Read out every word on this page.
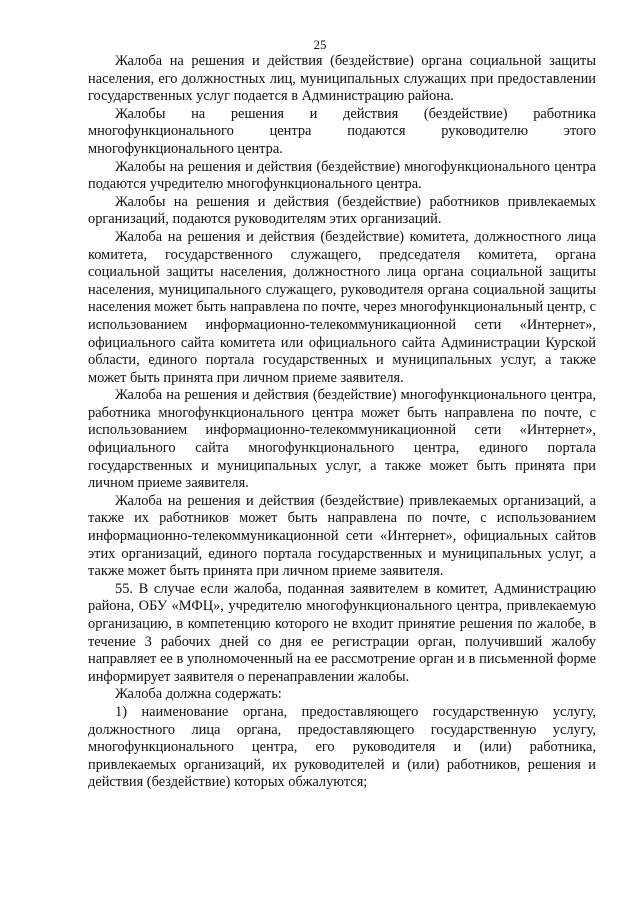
25

Жалоба на решения и действия (бездействие) органа социальной защиты населения, его должностных лиц, муниципальных служащих при предоставлении государственных услуг подается в Администрацию района.

Жалобы на решения и действия (бездействие) работника многофункционального центра подаются руководителю этого многофункционального центра.

Жалобы на решения и действия (бездействие) многофункционального центра подаются учредителю многофункционального центра.

Жалобы на решения и действия (бездействие) работников привлекаемых организаций, подаются руководителям этих организаций.

Жалоба на решения и действия (бездействие) комитета, должностного лица комитета, государственного служащего, председателя комитета, органа социальной защиты населения, должностного лица органа социальной защиты населения, муниципального служащего, руководителя органа социальной защиты населения может быть направлена по почте, через многофункциональный центр, с использованием информационно-телекоммуникационной сети «Интернет», официального сайта комитета или официального сайта Администрации Курской области, единого портала государственных и муниципальных услуг, а также может быть принята при личном приеме заявителя.

Жалоба на решения и действия (бездействие) многофункционального центра, работника многофункционального центра может быть направлена по почте, с использованием информационно-телекоммуникационной сети «Интернет», официального сайта многофункционального центра, единого портала государственных и муниципальных услуг, а также может быть принята при личном приеме заявителя.

Жалоба на решения и действия (бездействие) привлекаемых организаций, а также их работников может быть направлена по почте, с использованием информационно-телекоммуникационной сети «Интернет», официальных сайтов этих организаций, единого портала государственных и муниципальных услуг, а также может быть принята при личном приеме заявителя.

55. В случае если жалоба, поданная заявителем в комитет, Администрацию района, ОБУ «МФЦ», учредителю многофункционального центра, привлекаемую организацию, в компетенцию которого не входит принятие решения по жалобе, в течение 3 рабочих дней со дня ее регистрации орган, получивший жалобу направляет ее в уполномоченный на ее рассмотрение орган и в письменной форме информирует заявителя о перенаправлении жалобы.

Жалоба должна содержать:

1) наименование органа, предоставляющего государственную услугу, должностного лица органа, предоставляющего государственную услугу, многофункционального центра, его руководителя и (или) работника, привлекаемых организаций, их руководителей и (или) работников, решения и действия (бездействие) которых обжалуются;
